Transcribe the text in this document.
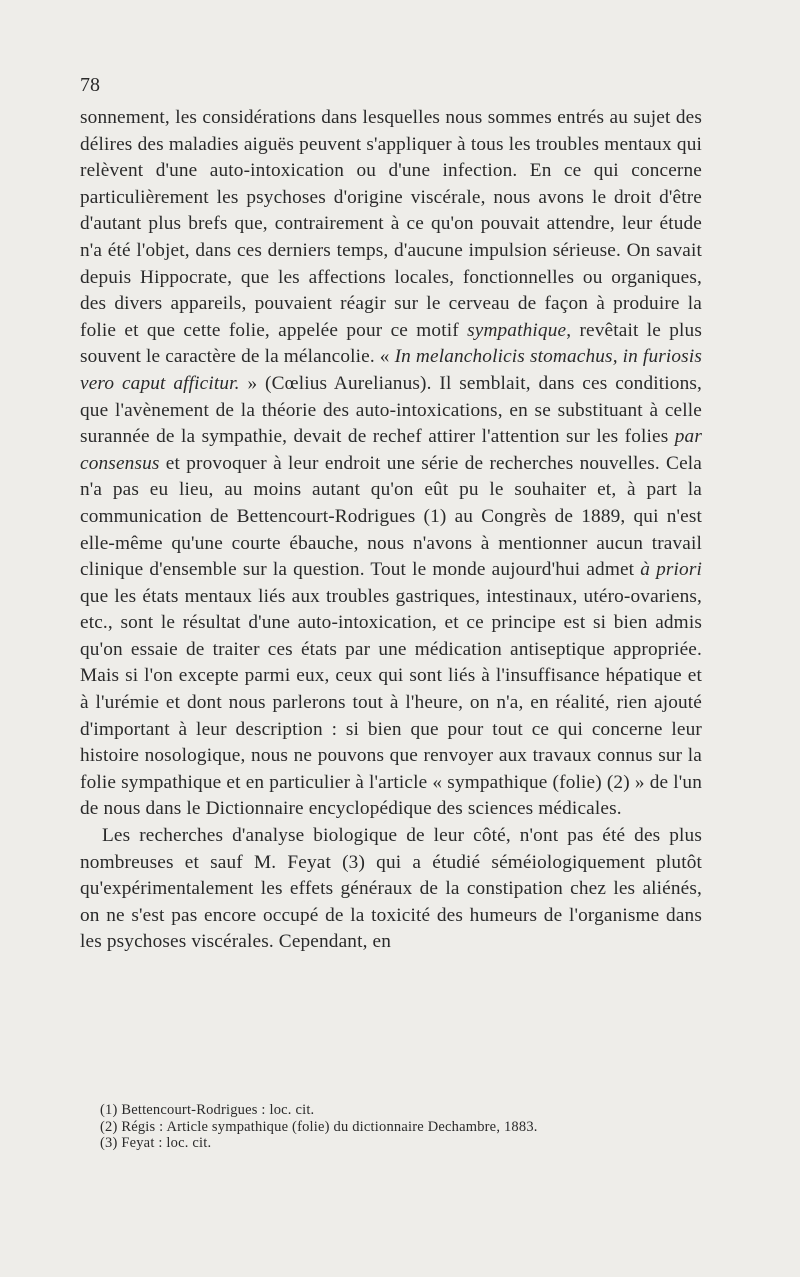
78

sonnement, les considérations dans lesquelles nous sommes entrés au sujet des délires des maladies aiguës peuvent s'appliquer à tous les troubles mentaux qui relèvent d'une auto-intoxication ou d'une infection. En ce qui concerne particulièrement les psychoses d'origine viscérale, nous avons le droit d'être d'autant plus brefs que, contrairement à ce qu'on pouvait attendre, leur étude n'a été l'objet, dans ces derniers temps, d'aucune impulsion sérieuse. On savait depuis Hippocrate, que les affections locales, fonctionnelles ou organiques, des divers appareils, pouvaient réagir sur le cerveau de façon à produire la folie et que cette folie, appelée pour ce motif sympathique, revêtait le plus souvent le caractère de la mélancolie. « In melancholicis stomachus, in furiosis vero caput afficitur. » (Cœlius Aurelianus). Il semblait, dans ces conditions, que l'avènement de la théorie des auto-intoxications, en se substituant à celle surannée de la sympathie, devait de rechef attirer l'attention sur les folies par consensus et provoquer à leur endroit une série de recherches nouvelles. Cela n'a pas eu lieu, au moins autant qu'on eût pu le souhaiter et, à part la communication de Bettencourt-Rodrigues (1) au Congrès de 1889, qui n'est elle-même qu'une courte ébauche, nous n'avons à mentionner aucun travail clinique d'ensemble sur la question. Tout le monde aujourd'hui admet à priori que les états mentaux liés aux troubles gastriques, intestinaux, utéro-ovariens, etc., sont le résultat d'une auto-intoxication, et ce principe est si bien admis qu'on essaie de traiter ces états par une médication antiseptique appropriée. Mais si l'on excepte parmi eux, ceux qui sont liés à l'insuffisance hépatique et à l'urémie et dont nous parlerons tout à l'heure, on n'a, en réalité, rien ajouté d'important à leur description : si bien que pour tout ce qui concerne leur histoire nosologique, nous ne pouvons que renvoyer aux travaux connus sur la folie sympathique et en particulier à l'article « sympathique (folie) (2) » de l'un de nous dans le Dictionnaire encyclopédique des sciences médicales.

Les recherches d'analyse biologique de leur côté, n'ont pas été des plus nombreuses et sauf M. Feyat (3) qui a étudié séméiologiquement plutôt qu'expérimentalement les effets généraux de la constipation chez les aliénés, on ne s'est pas encore occupé de la toxicité des humeurs de l'organisme dans les psychoses viscérales. Cependant, en

(1) Bettencourt-Rodrigues : loc. cit.

(2) Régis : Article sympathique (folie) du dictionnaire Dechambre, 1883.

(3) Feyat : loc. cit.
